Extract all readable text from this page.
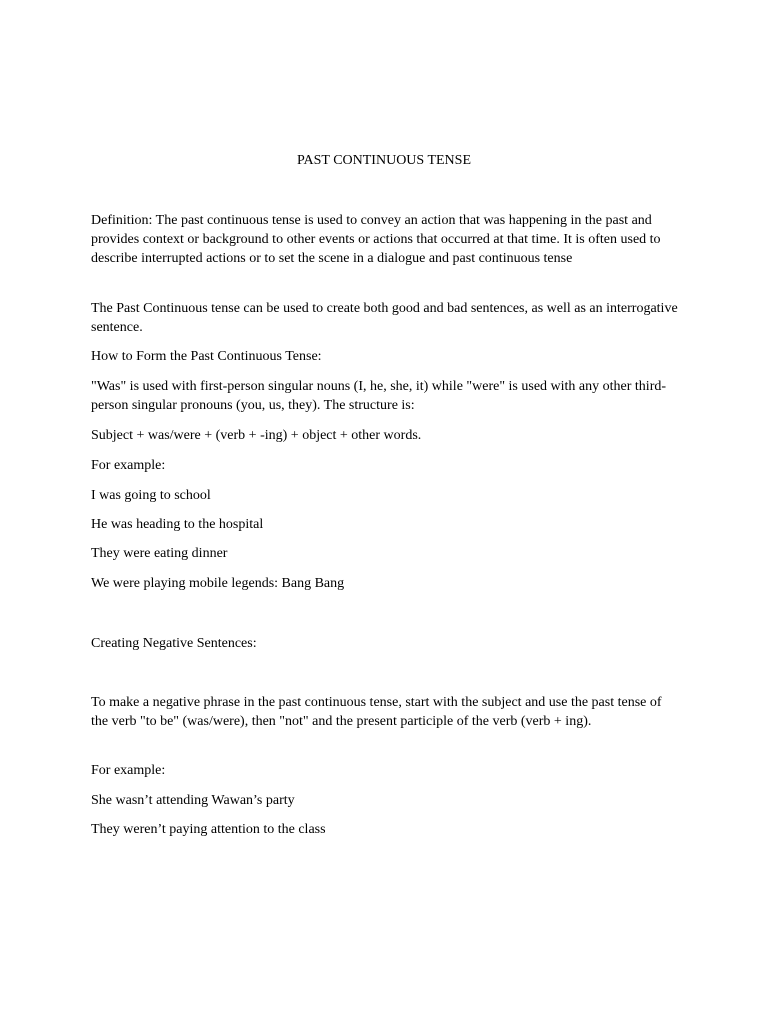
PAST CONTINUOUS TENSE

Definition: The past continuous tense is used to convey an action that was happening in the past and provides context or background to other events or actions that occurred at that time. It is often used to describe interrupted actions or to set the scene in a dialogue and past continuous tense

The Past Continuous tense can be used to create both good and bad sentences, as well as an interrogative sentence.

How to Form the Past Continuous Tense:

"Was" is used with first-person singular nouns (I, he, she, it) while "were" is used with any other third-person singular pronouns (you, us, they). The structure is:

Subject + was/were + (verb + -ing) + object + other words.

For example:

I was going to school

He was heading to the hospital

They were eating dinner

We were playing mobile legends: Bang Bang

Creating Negative Sentences:

To make a negative phrase in the past continuous tense, start with the subject and use the past tense of the verb "to be" (was/were), then "not" and the present participle of the verb (verb + ing).

For example:

She wasn’t attending Wawan’s party

They weren’t paying attention to the class
